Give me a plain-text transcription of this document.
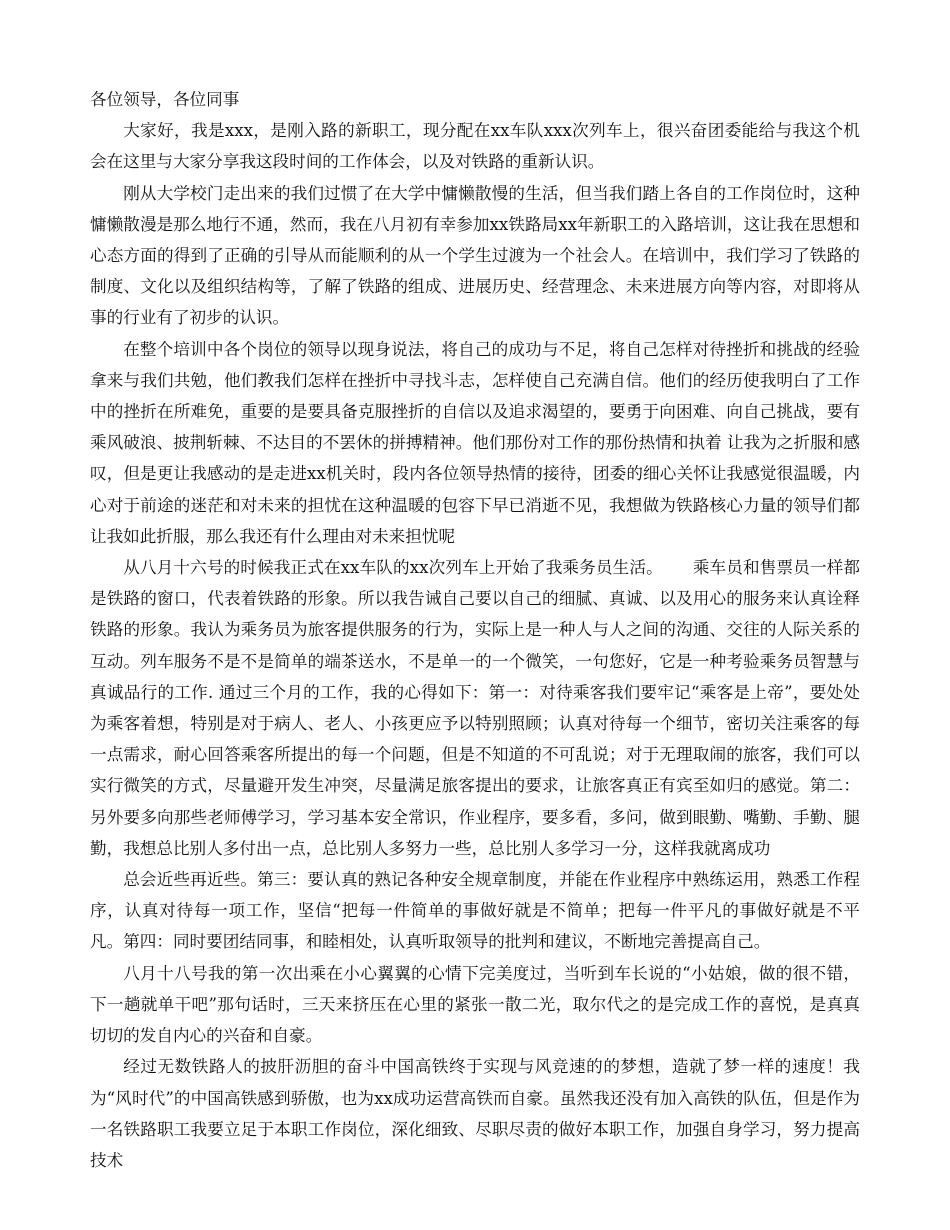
各位领导，各位同事

大家好，我是xxx，是刚入路的新职工，现分配在xx车队xxx次列车上，很兴奋团委能给与我这个机会在这里与大家分享我这段时间的工作体会，以及对铁路的重新认识。

刚从大学校门走出来的我们过惯了在大学中慵懒散慢的生活，但当我们踏上各自的工作岗位时，这种慵懒散漫是那么地行不通，然而，我在八月初有幸参加xx铁路局xx年新职工的入路培训，这让我在思想和心态方面的得到了正确的引导从而能顺利的从一个学生过渡为一个社会人。在培训中，我们学习了铁路的制度、文化以及组织结构等，了解了铁路的组成、进展历史、经营理念、未来进展方向等内容，对即将从事的行业有了初步的认识。

在整个培训中各个岗位的领导以现身说法，将自己的成功与不足，将自己怎样对待挫折和挑战的经验拿来与我们共勉，他们教我们怎样在挫折中寻找斗志，怎样使自己充满自信。他们的经历使我明白了工作中的挫折在所难免，重要的是要具备克服挫折的自信以及追求渴望的，要勇于向困难、向自己挑战，要有乘风破浪、披荆斩棘、不达目的不罢休的拼搏精神。他们那份对工作的那份热情和执着 让我为之折服和感叹，但是更让我感动的是走进xx机关时，段内各位领导热情的接待，团委的细心关怀让我感觉很温暖，内心对于前途的迷茫和对未来的担忧在这种温暖的包容下早已消逝不见，我想做为铁路核心力量的领导们都让我如此折服，那么我还有什么理由对未来担忧呢

从八月十六号的时候我正式在xx车队的xx次列车上开始了我乘务员生活。 乘车员和售票员一样都是铁路的窗口，代表着铁路的形象。所以我告诫自己要以自己的细腻、真诚、以及用心的服务来认真诠释铁路的形象。我认为乘务员为旅客提供服务的行为，实际上是一种人与人之间的沟通、交往的人际关系的互动。列车服务不是不是简单的端茶送水，不是单一的一个微笑，一句您好，它是一种考验乘务员智慧与真诚品行的工作. 通过三个月的工作，我的心得如下：第一：对待乘客我们要牢记“乘客是上帝”，要处处为乘客着想，特别是对于病人、老人、小孩更应予以特别照顾；认真对待每一个细节，密切关注乘客的每一点需求，耐心回答乘客所提出的每一个问题，但是不知道的不可乱说；对于无理取闹的旅客，我们可以实行微笑的方式，尽量避开发生冲突，尽量满足旅客提出的要求，让旅客真正有宾至如归的感觉。第二：另外要多向那些老师傅学习，学习基本安全常识，作业程序，要多看，多问，做到眼勤、嘴勤、手勤、腿勤，我想总比别人多付出一点，总比别人多努力一些，总比别人多学习一分，这样我就离成功

总会近些再近些。第三：要认真的熟记各种安全规章制度，并能在作业程序中熟练运用，熟悉工作程序，认真对待每一项工作，坚信“把每一件简单的事做好就是不简单；把每一件平凡的事做好就是不平凡。第四：同时要团结同事，和睦相处，认真听取领导的批判和建议，不断地完善提高自己。

八月十八号我的第一次出乘在小心翼翼的心情下完美度过，当听到车长说的“小姑娘，做的很不错，下一趟就单干吧”那句话时，三天来挤压在心里的紧张一散二光，取尔代之的是完成工作的喜悦，是真真切切的发自内心的兴奋和自豪。

经过无数铁路人的披肝沥胆的奋斗中国高铁终于实现与风竞速的的梦想，造就了梦一样的速度！我为“风时代”的中国高铁感到骄傲，也为xx成功运营高铁而自豪。虽然我还没有加入高铁的队伍，但是作为一名铁路职工我要立足于本职工作岗位，深化细致、尽职尽责的做好本职工作，加强自身学习，努力提高技术
